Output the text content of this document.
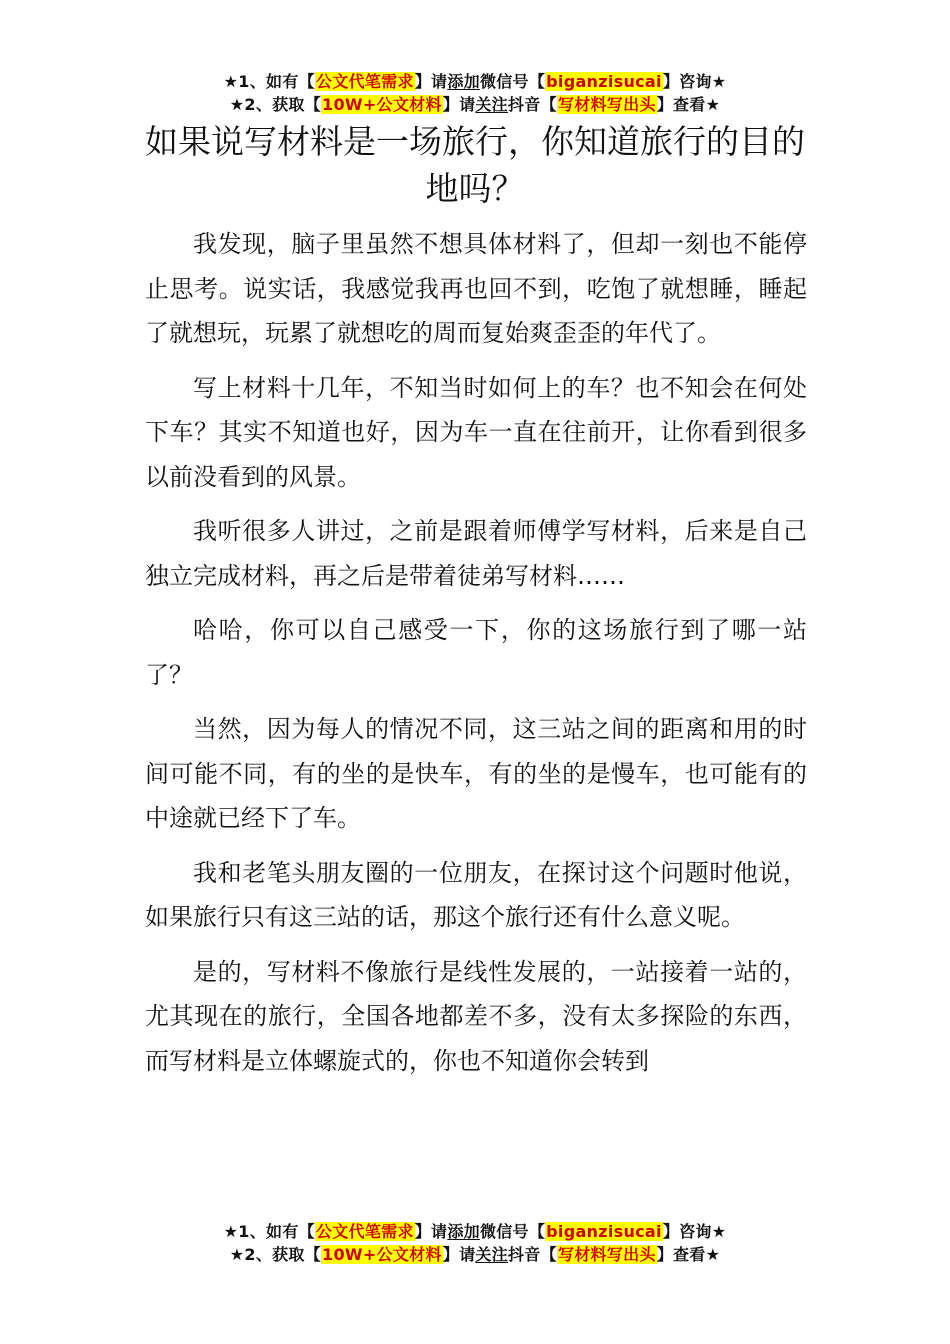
★1、如有【公文代笔需求】请添加微信号【biganzisucai】咨询★
★2、获取【10W+公文材料】请关注抖音【写材料写出头】查看★
如果说写材料是一场旅行，你知道旅行的目的地吗？

我发现，脑子里虽然不想具体材料了，但却一刻也不能停止思考。说实话，我感觉我再也回不到，吃饱了就想睡，睡起了就想玩，玩累了就想吃的周而复始爽歪歪的年代了。

写上材料十几年，不知当时如何上的车？也不知会在何处下车？其实不知道也好，因为车一直在往前开，让你看到很多以前没看到的风景。

我听很多人讲过，之前是跟着师傅学写材料，后来是自己独立完成材料，再之后是带着徒弟写材料……

哈哈，你可以自己感受一下，你的这场旅行到了哪一站了？

当然，因为每人的情况不同，这三站之间的距离和用的时间可能不同，有的坐的是快车，有的坐的是慢车，也可能有的中途就已经下了车。

我和老笔头朋友圈的一位朋友，在探讨这个问题时他说，如果旅行只有这三站的话，那这个旅行还有什么意义呢。

是的，写材料不像旅行是线性发展的，一站接着一站的，尤其现在的旅行，全国各地都差不多，没有太多探险的东西，而写材料是立体螺旋式的，你也不知道你会转到

★1、如有【公文代笔需求】请添加微信号【biganzisucai】咨询★
★2、获取【10W+公文材料】请关注抖音【写材料写出头】查看★
